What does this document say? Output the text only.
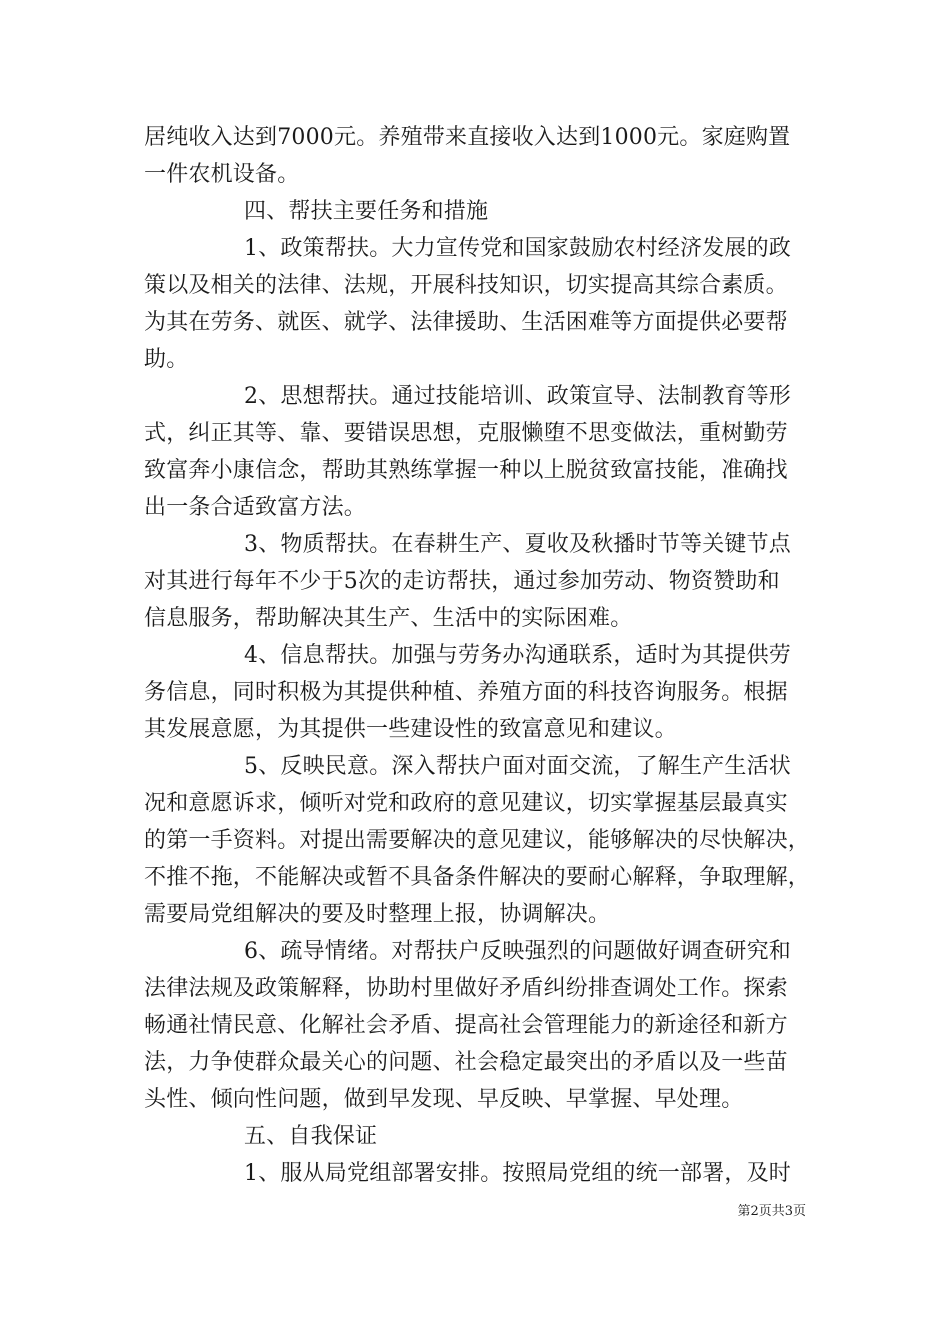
居纯收入达到7000元。养殖带来直接收入达到1000元。家庭购置
一件农机设备。
四、帮扶主要任务和措施
1、政策帮扶。大力宣传党和国家鼓励农村经济发展的政
策以及相关的法律、法规，开展科技知识，切实提高其综合素质。
为其在劳务、就医、就学、法律援助、生活困难等方面提供必要帮
助。
2、思想帮扶。通过技能培训、政策宣导、法制教育等形
式，纠正其等、靠、要错误思想，克服懒堕不思变做法，重树勤劳
致富奔小康信念，帮助其熟练掌握一种以上脱贫致富技能，准确找
出一条合适致富方法。
3、物质帮扶。在春耕生产、夏收及秋播时节等关键节点
对其进行每年不少于5次的走访帮扶，通过参加劳动、物资赞助和
信息服务，帮助解决其生产、生活中的实际困难。
4、信息帮扶。加强与劳务办沟通联系，适时为其提供劳
务信息，同时积极为其提供种植、养殖方面的科技咨询服务。根据
其发展意愿，为其提供一些建设性的致富意见和建议。
5、反映民意。深入帮扶户面对面交流，了解生产生活状
况和意愿诉求，倾听对党和政府的意见建议，切实掌握基层最真实
的第一手资料。对提出需要解决的意见建议，能够解决的尽快解决，
不推不拖，不能解决或暂不具备条件解决的要耐心解释，争取理解，
需要局党组解决的要及时整理上报，协调解决。
6、疏导情绪。对帮扶户反映强烈的问题做好调查研究和
法律法规及政策解释，协助村里做好矛盾纠纷排查调处工作。探索
畅通社情民意、化解社会矛盾、提高社会管理能力的新途径和新方
法，力争使群众最关心的问题、社会稳定最突出的矛盾以及一些苗
头性、倾向性问题，做到早发现、早反映、早掌握、早处理。
五、自我保证
1、服从局党组部署安排。按照局党组的统一部署，及时
第2页共3页
